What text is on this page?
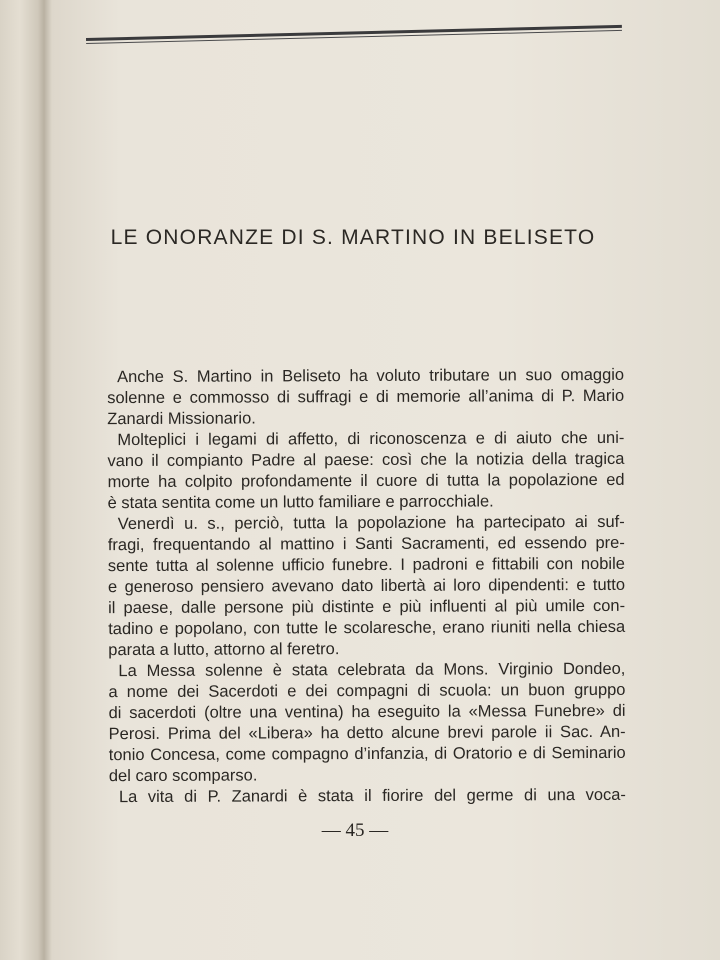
LE ONORANZE DI S. MARTINO IN BELISETO
Anche S. Martino in Beliseto ha voluto tributare un suo omaggio
solenne e commosso di suffragi e di memorie all’anima di P. Mario
Zanardi Missionario.
Molteplici i legami di affetto, di riconoscenza e di aiuto che uni-
vano il compianto Padre al paese: così che la notizia della tragica
morte ha colpito profondamente il cuore di tutta la popolazione ed
è stata sentita come un lutto familiare e parrocchiale.
Venerdì u. s., perciò, tutta la popolazione ha partecipato ai suf-
fragi, frequentando al mattino i Santi Sacramenti, ed essendo pre-
sente tutta al solenne ufficio funebre. I padroni e fittabili con nobile
e generoso pensiero avevano dato libertà ai loro dipendenti: e tutto
il paese, dalle persone più distinte e più influenti al più umile con-
tadino e popolano, con tutte le scolaresche, erano riuniti nella chiesa
parata a lutto, attorno al feretro.
La Messa solenne è stata celebrata da Mons. Virginio Dondeo,
a nome dei Sacerdoti e dei compagni di scuola: un buon gruppo
di sacerdoti (oltre una ventina) ha eseguito la «Messa Funebre» di
Perosi. Prima del «Libera» ha detto alcune brevi parole ii Sac. An-
tonio Concesa, come compagno d’infanzia, di Oratorio e di Seminario
del caro scomparso.
La vita di P. Zanardi è stata il fiorire del germe di una voca-
— 45 —
